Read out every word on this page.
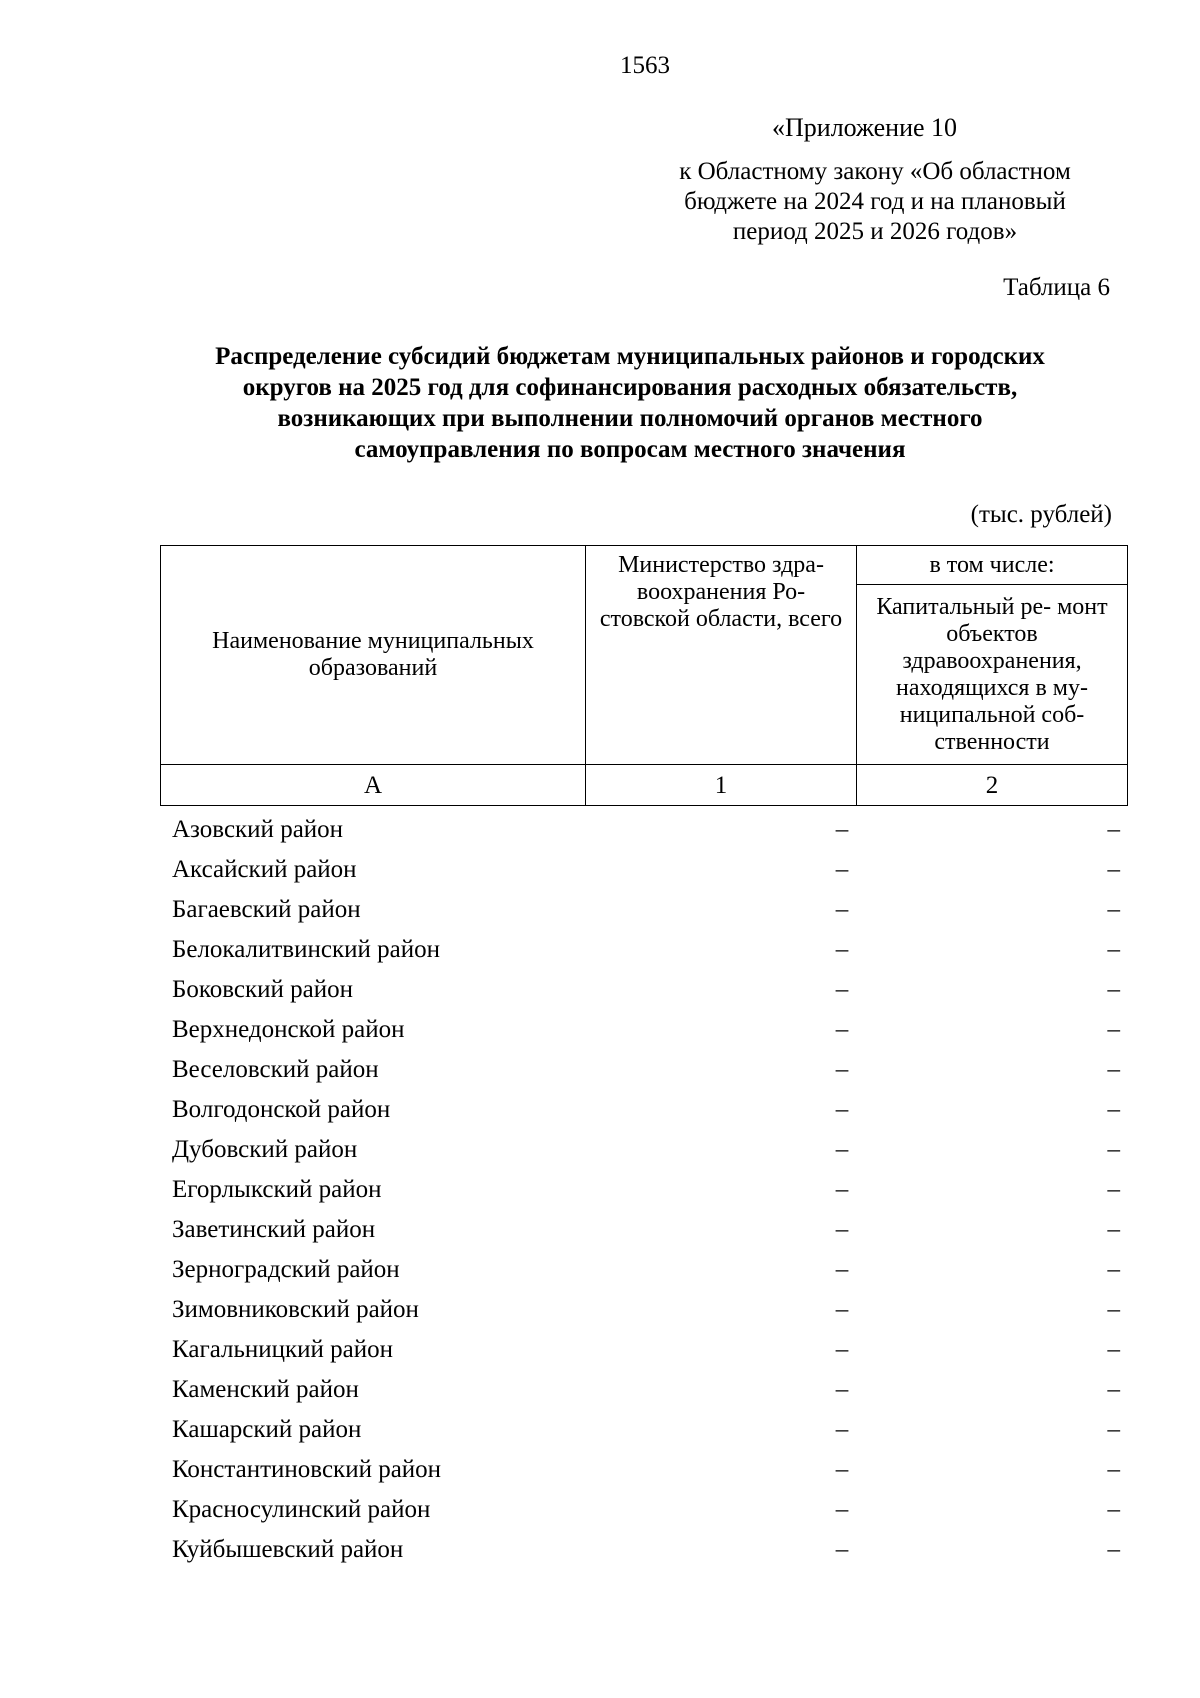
1563
«Приложение 10
к Областному закону «Об областном
бюджете на 2024 год и на плановый
период 2025 и 2026 годов»
Таблица 6
Распределение субсидий бюджетам муниципальных районов и городских
округов на 2025 год для софинансирования расходных обязательств,
возникающих при выполнении полномочий органов местного
самоуправления по вопросам местного значения
(тыс. рублей)
Наименование муниципальных образований	Министерство здра- воохранения Ро- стовской области, всего	в том числе:
		Капитальный ре- монт объектов здравоохранения, находящихся в му- ниципальной соб- ственности
А	1	2
Азовский район	–	–
Аксайский район	–	–
Багаевский район	–	–
Белокалитвинский район	–	–
Боковский район	–	–
Верхнедонской район	–	–
Веселовский район	–	–
Волгодонской район	–	–
Дубовский район	–	–
Егорлыкский район	–	–
Заветинский район	–	–
Зерноградский район	–	–
Зимовниковский район	–	–
Кагальницкий район	–	–
Каменский район	–	–
Кашарский район	–	–
Константиновский район	–	–
Красносулинский район	–	–
Куйбышевский район	–	–
